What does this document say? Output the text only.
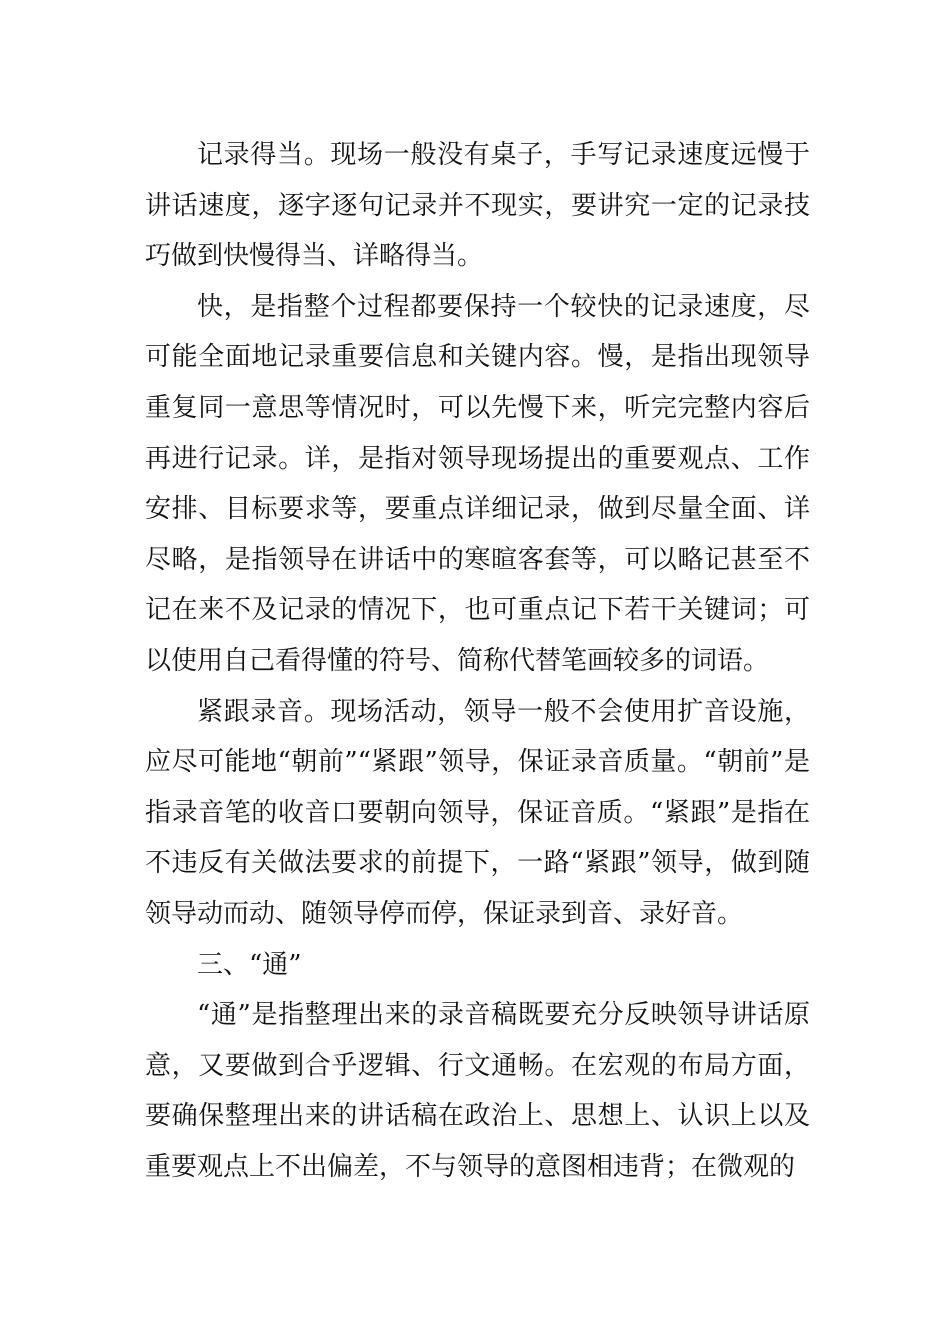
记录得当。现场一般没有桌子，手写记录速度远慢于讲话速度，逐字逐句记录并不现实，要讲究一定的记录技巧做到快慢得当、详略得当。

快，是指整个过程都要保持一个较快的记录速度，尽可能全面地记录重要信息和关键内容。慢，是指出现领导重复同一意思等情况时，可以先慢下来，听完完整内容后再进行记录。详，是指对领导现场提出的重要观点、工作安排、目标要求等，要重点详细记录，做到尽量全面、详尽略，是指领导在讲话中的寒暄客套等，可以略记甚至不记在来不及记录的情况下，也可重点记下若干关键词；可以使用自己看得懂的符号、简称代替笔画较多的词语。

紧跟录音。现场活动，领导一般不会使用扩音设施，应尽可能地“朝前”“紧跟”领导，保证录音质量。“朝前”是指录音笔的收音口要朝向领导，保证音质。“紧跟”是指在不违反有关做法要求的前提下，一路“紧跟”领导，做到随领导动而动、随领导停而停，保证录到音、录好音。

三、“通”

“通”是指整理出来的录音稿既要充分反映领导讲话原意，又要做到合乎逻辑、行文通畅。在宏观的布局方面，要确保整理出来的讲话稿在政治上、思想上、认识上以及重要观点上不出偏差，不与领导的意图相违背；在微观的
